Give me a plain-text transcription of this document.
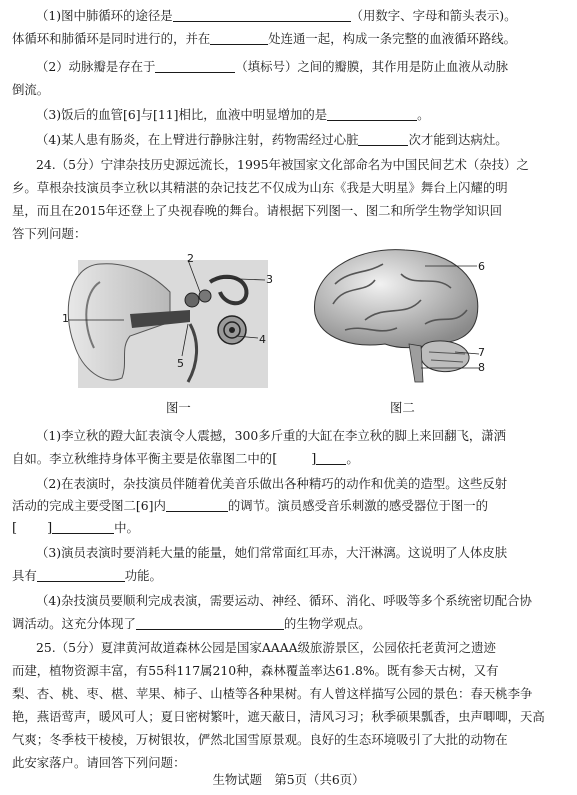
（1)图中肺循环的途径是	（用数字、字母和箭头表示)。
体循环和肺循环是同时进行的，并在	处连通一起，构成一条完整的血液循环路线。
（2）动脉瓣是存在于	（填标号）之间的瓣膜，其作用是防止血液从动脉
倒流。
（3)饭后的血管[6]与[11]相比，血液中明显增加的是	。
（4)某人患有肠炎，在上臂进行静脉注射，药物需经过心脏	次才能到达病灶。
24.（5分）宁津杂技历史源远流长，1995年被国家文化部命名为中国民间艺术（杂技）之
乡。草根杂技演员李立秋以其精湛的杂记技艺不仅成为山东《我是大明星》舞台上闪耀的明
星，而且在2015年还登上了央视春晚的舞台。请根据下列图一、图二和所学生物学知识回
答下列问题：
1
2
3
4
5
图一
6
7
8
图二
（1)李立秋的蹬大缸表演令人震撼，300多斤重的大缸在李立秋的脚上来回翻飞，潇洒
自如。李立秋维持身体平衡主要是依靠图二中的[	] 。
（2)在表演时，杂技演员伴随着优美音乐做出各种精巧的动作和优美的造型。这些反射
活动的完成主要受图二[6]内	的调节。演员感受音乐刺激的感受器位于图一的
[ ]	中。
（3)演员表演时要消耗大量的能量，她们常常面红耳赤，大汗淋漓。这说明了人体皮肤
具有	功能。
（4)杂技演员要顺利完成表演，需要运动、神经、循环、消化、呼吸等多个系统密切配合协
调活动。这充分体现了	的生物学观点。
25.（5分）夏津黄河故道森林公园是国家AAAA级旅游景区，公园依托老黄河之遗迹
而建，植物资源丰富，有55科117属210种，森林覆盖率达61.8%。既有参天古树，又有
梨、杏、桃、枣、椹、苹果、柿子、山楂等各种果树。有人曾这样描写公园的景色：春天桃李争
艳，燕语莺声，暖风可人；夏日密树繁叶，遮天蔽日，清风习习；秋季硕果瓢香，虫声唧唧，天高
气爽；冬季枝干棱棱，万树银妆，俨然北国雪原景观。良好的生态环境吸引了大批的动物在
此安家落户。请回答下列问题：
生物试题　第5页（共6页）
